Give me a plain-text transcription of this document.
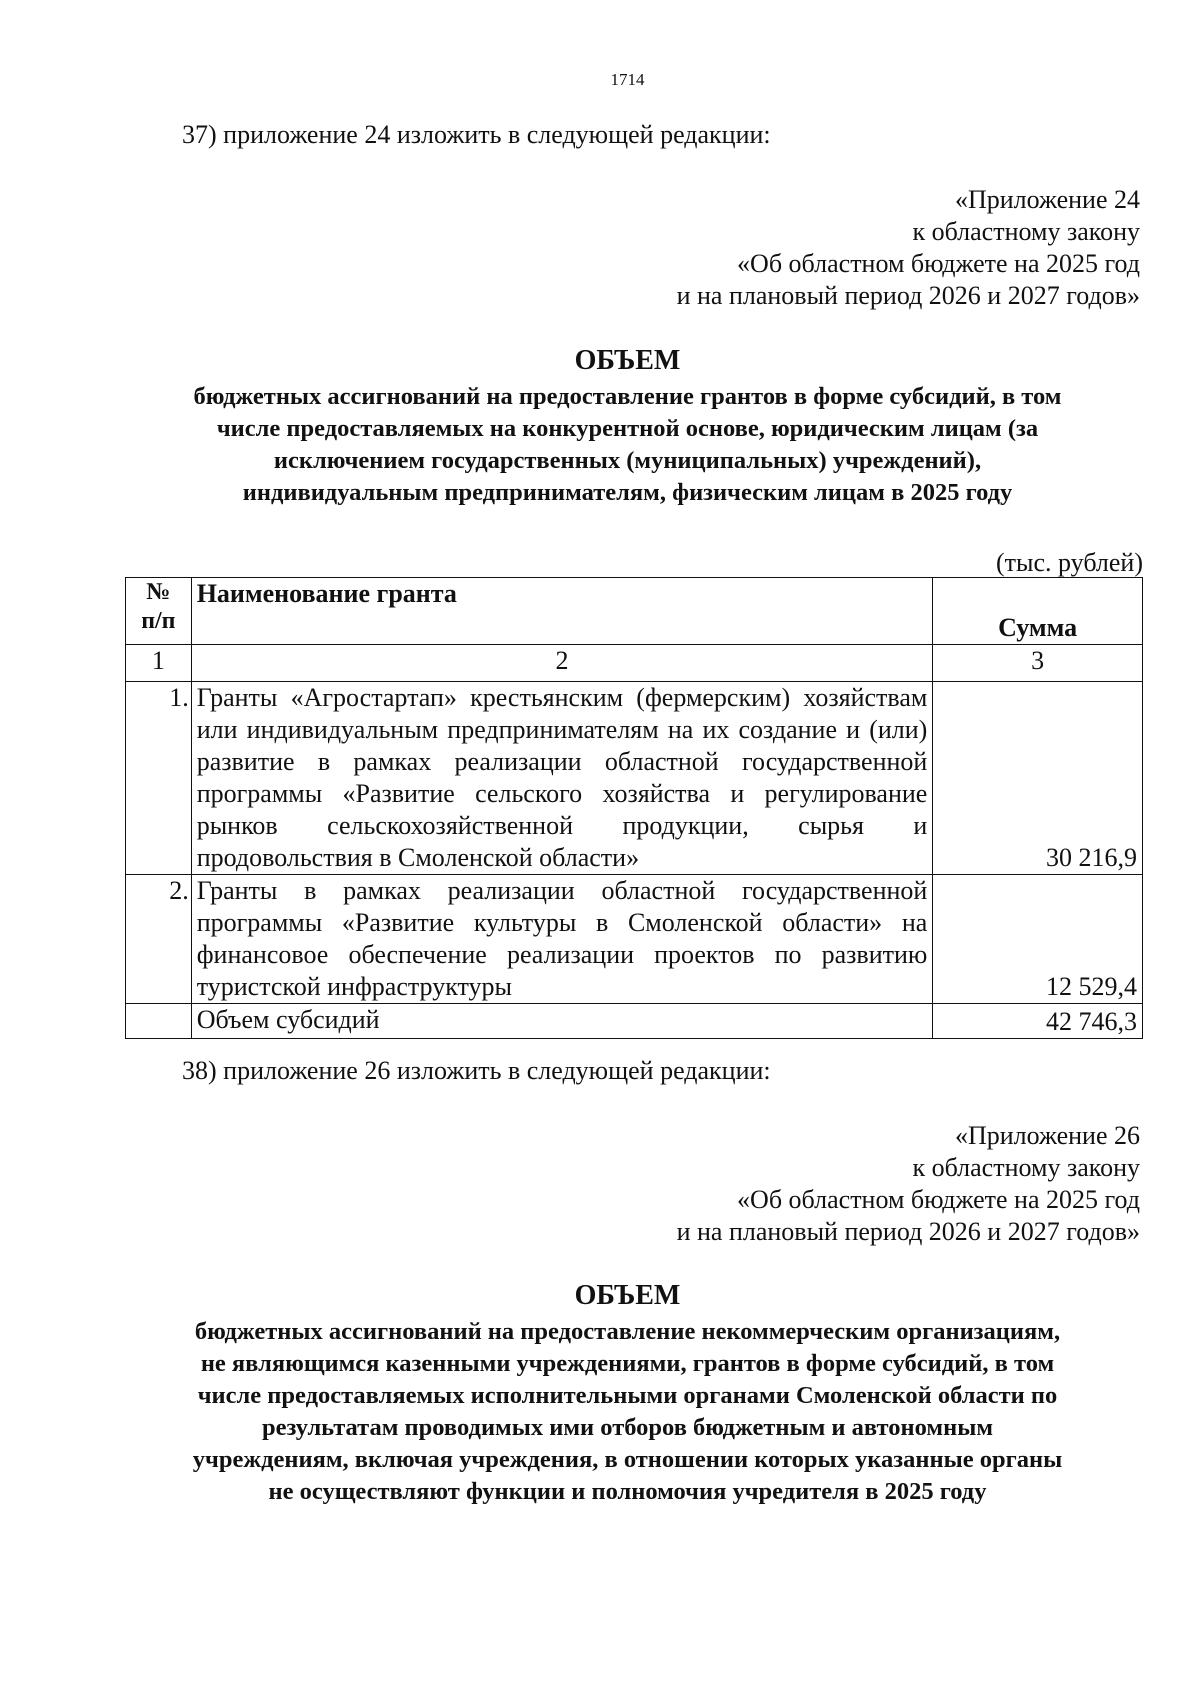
1714
37) приложение 24 изложить в следующей редакции:
«Приложение 24
к областному закону
«Об областном бюджете на 2025 год
и на плановый период 2026 и 2027 годов»
ОБЪЕМ
бюджетных ассигнований на предоставление грантов в форме субсидий, в том
числе предоставляемых на конкурентной основе, юридическим лицам (за
исключением государственных (муниципальных) учреждений),
индивидуальным предпринимателям, физическим лицам в 2025 году
(тыс. рублей)
№
п/п	Наименование гранта	Сумма
1	2	3
1.	Гранты «Агростартап» крестьянским (фермерским) хозяйствам или индивидуальным предпринимателям на их создание и (или) развитие в рамках реализации областной государственной программы «Развитие сельского хозяйства и регулирование рынков сельскохозяйственной продукции, сырья и продовольствия в Смоленской области»	30 216,9
2.	Гранты в рамках реализации областной государственной программы «Развитие культуры в Смоленской области» на финансовое обеспечение реализации проектов по развитию туристской инфраструктуры	12 529,4
	Объем субсидий	42 746,3
38) приложение 26 изложить в следующей редакции:
«Приложение 26
к областному закону
«Об областном бюджете на 2025 год
и на плановый период 2026 и 2027 годов»
ОБЪЕМ
бюджетных ассигнований на предоставление некоммерческим организациям,
не являющимся казенными учреждениями, грантов в форме субсидий, в том
числе предоставляемых исполнительными органами Смоленской области по
результатам проводимых ими отборов бюджетным и автономным
учреждениям, включая учреждения, в отношении которых указанные органы
не осуществляют функции и полномочия учредителя в 2025 году
